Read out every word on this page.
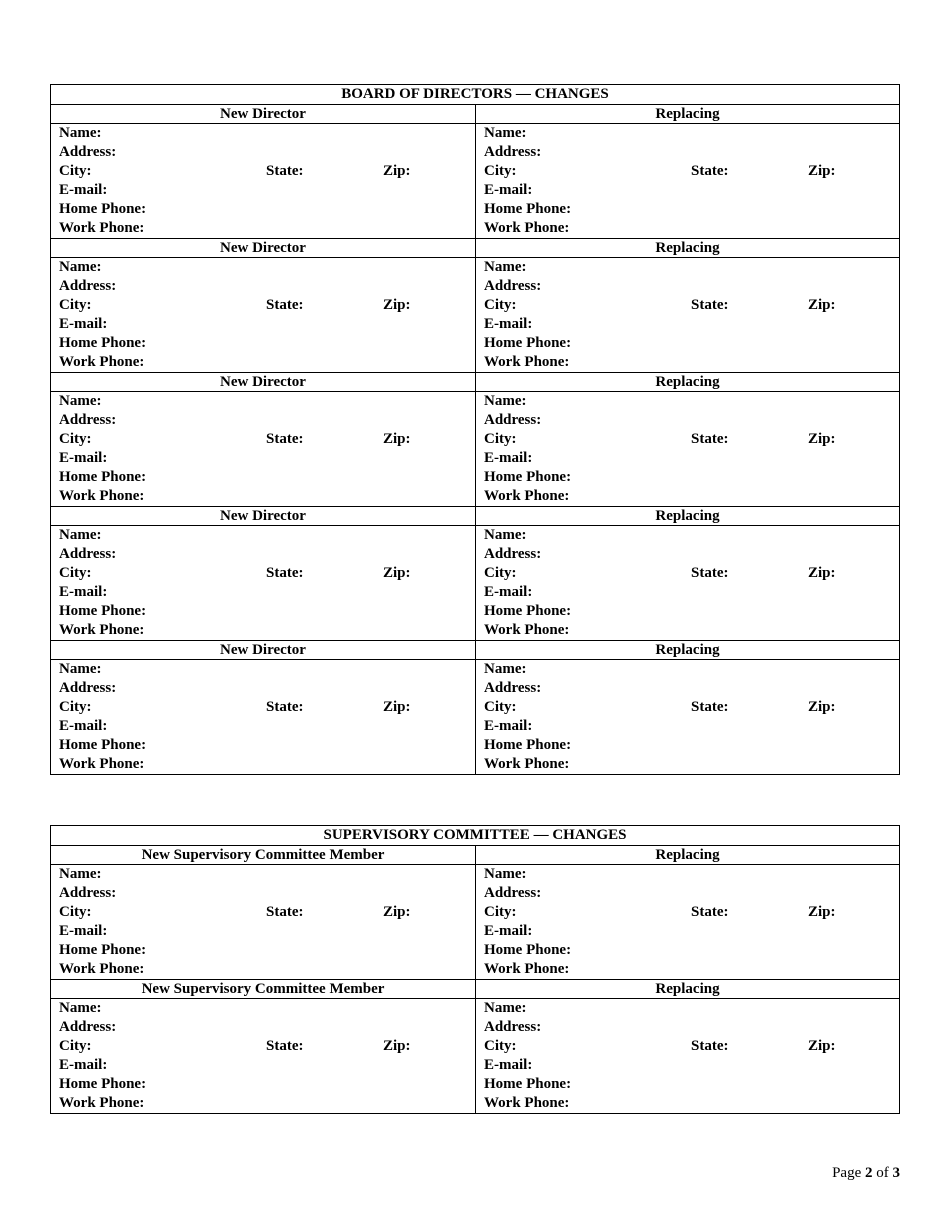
BOARD OF DIRECTORS — CHANGES
New Director	Replacing
Name:
Address:
City:	State:	Zip:
E-mail:
Home Phone:
Work Phone:
Name:
Address:
City:	State:	Zip:
E-mail:
Home Phone:
Work Phone:
New Director	Replacing
Name:
Address:
City:	State:	Zip:
E-mail:
Home Phone:
Work Phone:
Name:
Address:
City:	State:	Zip:
E-mail:
Home Phone:
Work Phone:
New Director	Replacing
Name:
Address:
City:	State:	Zip:
E-mail:
Home Phone:
Work Phone:
Name:
Address:
City:	State:	Zip:
E-mail:
Home Phone:
Work Phone:
New Director	Replacing
Name:
Address:
City:	State:	Zip:
E-mail:
Home Phone:
Work Phone:
Name:
Address:
City:	State:	Zip:
E-mail:
Home Phone:
Work Phone:
New Director	Replacing
Name:
Address:
City:	State:	Zip:
E-mail:
Home Phone:
Work Phone:
Name:
Address:
City:	State:	Zip:
E-mail:
Home Phone:
Work Phone:
SUPERVISORY COMMITTEE — CHANGES
New Supervisory Committee Member	Replacing
Name:
Address:
City:	State:	Zip:
E-mail:
Home Phone:
Work Phone:
Name:
Address:
City:	State:	Zip:
E-mail:
Home Phone:
Work Phone:
New Supervisory Committee Member	Replacing
Name:
Address:
City:	State:	Zip:
E-mail:
Home Phone:
Work Phone:
Name:
Address:
City:	State:	Zip:
E-mail:
Home Phone:
Work Phone:
Page 2 of 3
